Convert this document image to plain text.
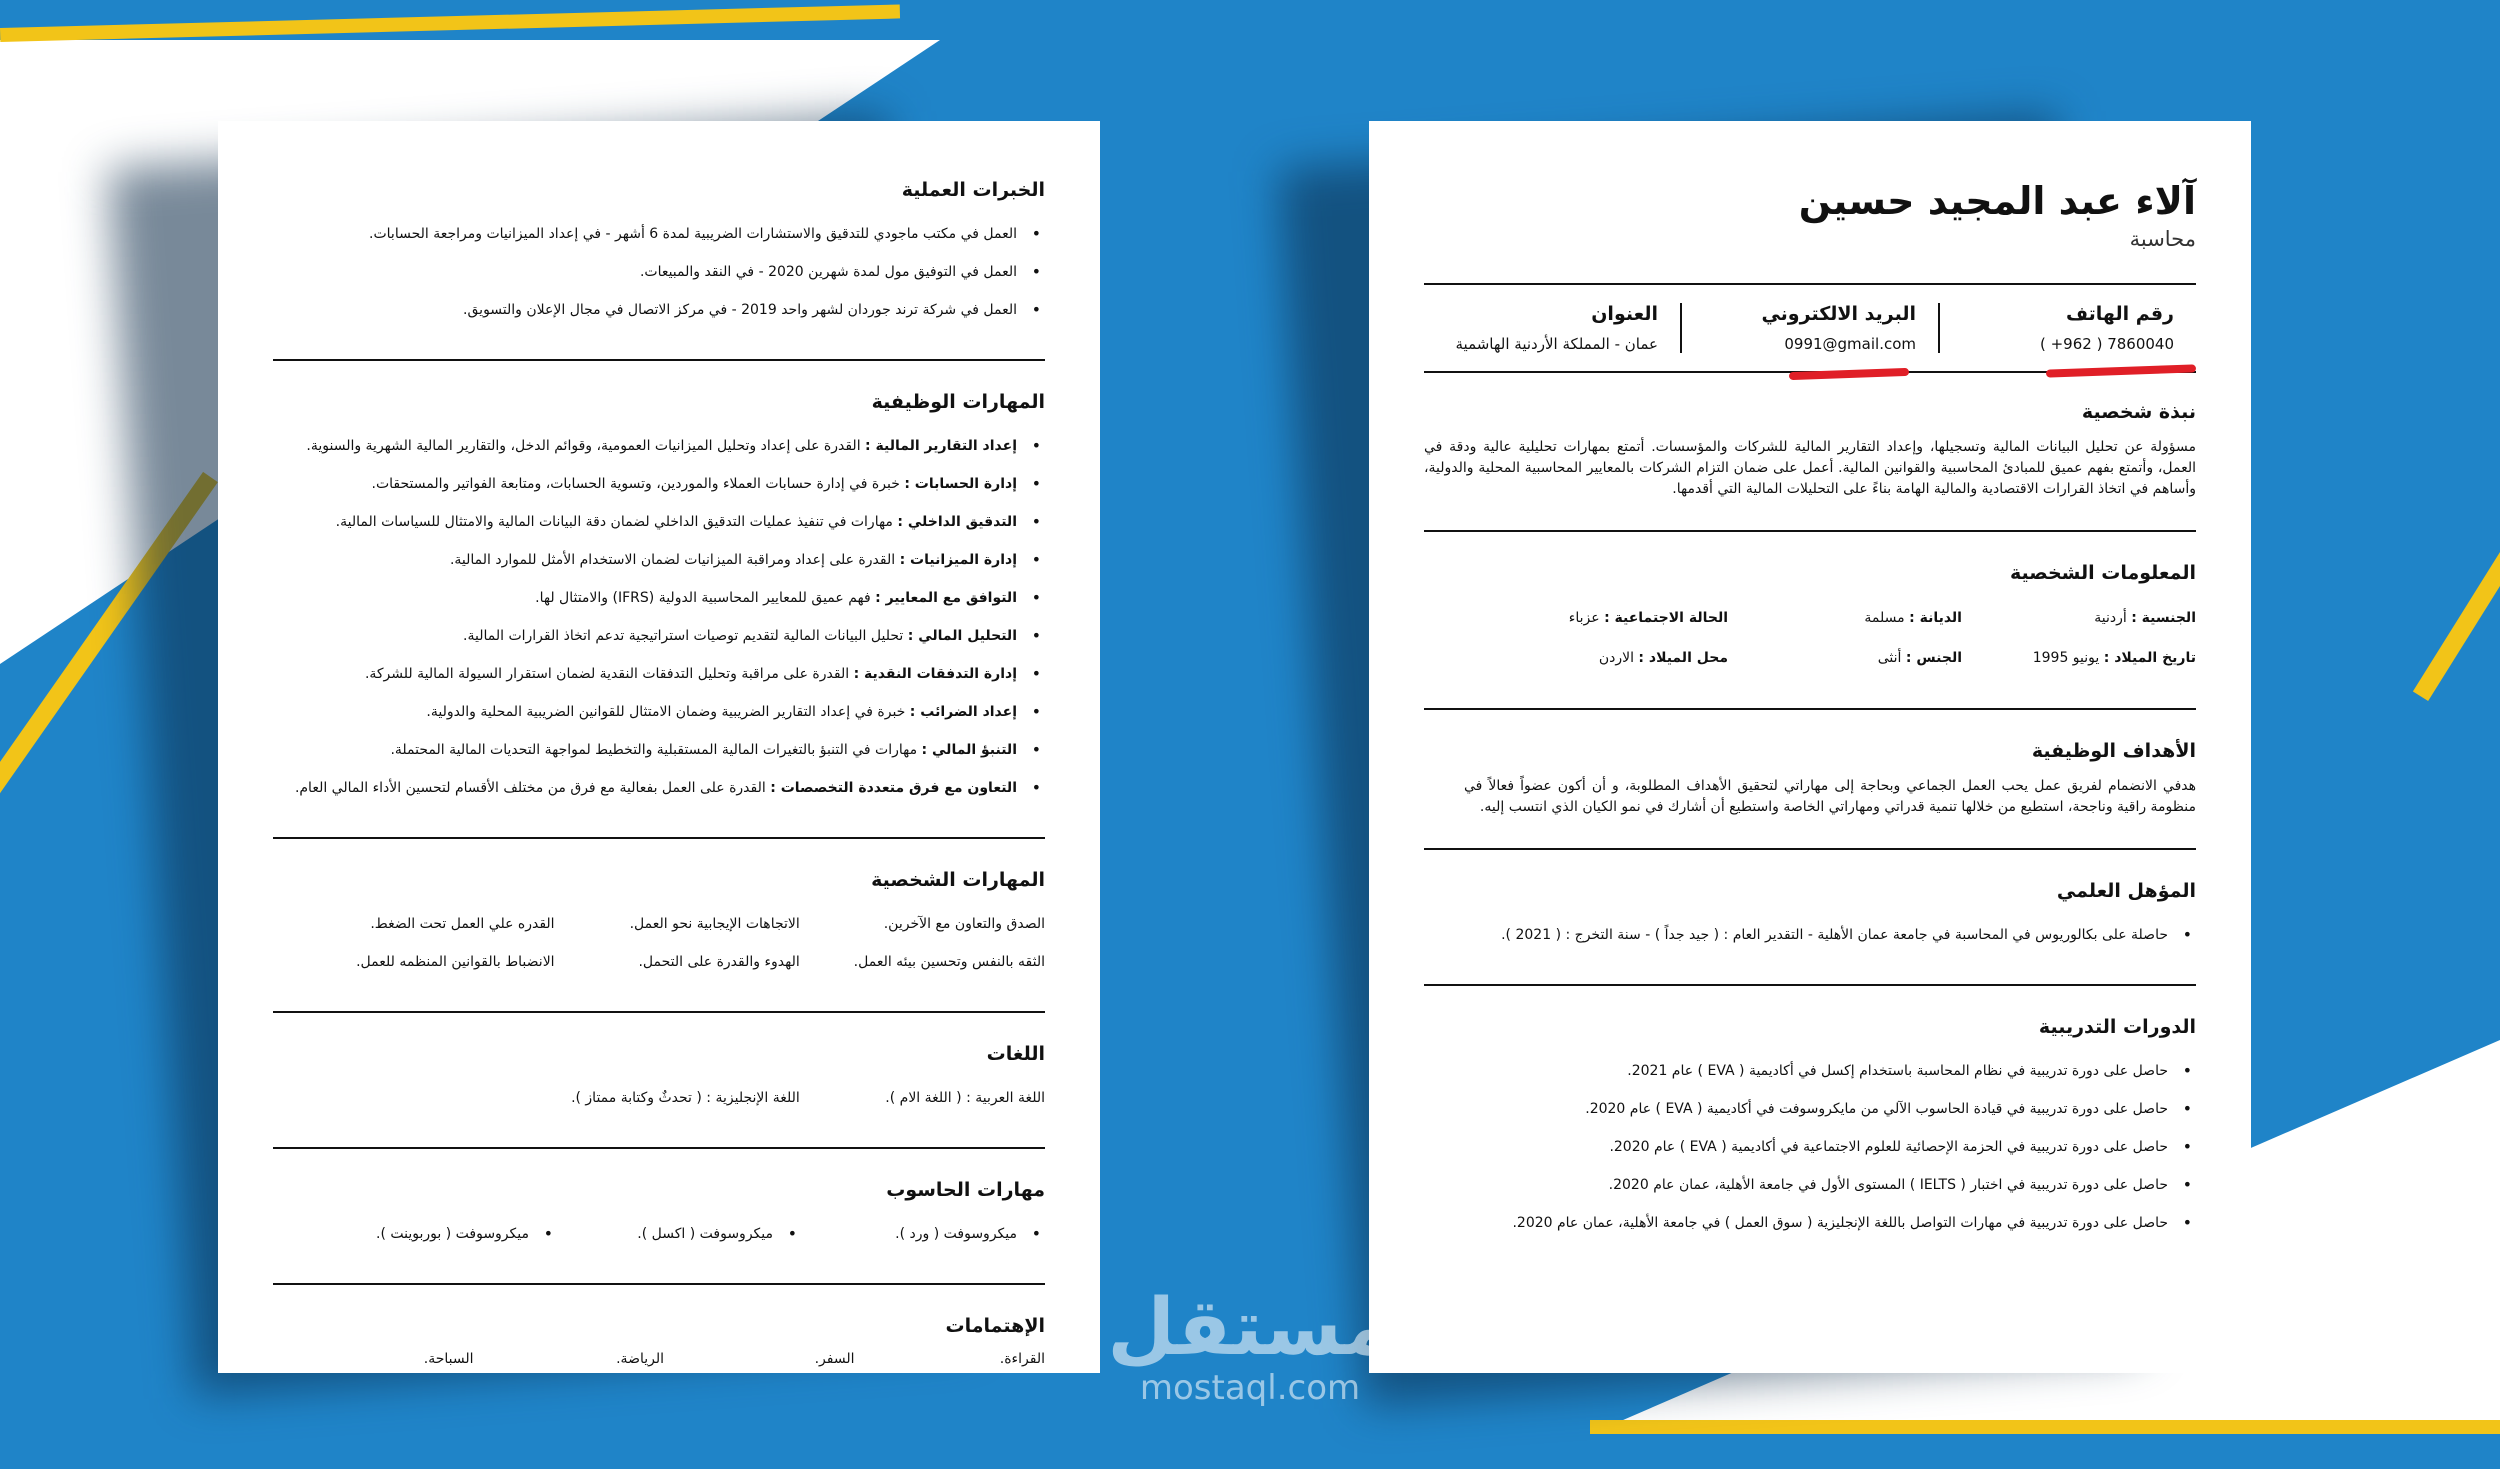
الخبرات العملية
• العمل في مكتب ماجودي للتدقيق والاستشارات الضريبية لمدة 6 أشهر - في إعداد الميزانيات ومراجعة الحسابات.
• العمل في التوفيق مول لمدة شهرين 2020 - في النقد والمبيعات.
• العمل في شركة ترند جوردان لشهر واحد 2019 - في مركز الاتصال في مجال الإعلان والتسويق.
المهارات الوظيفية
• إعداد التقارير المالية : القدرة على إعداد وتحليل الميزانيات العمومية، وقوائم الدخل، والتقارير المالية الشهرية والسنوية.
• إدارة الحسابات : خبرة في إدارة حسابات العملاء والموردين، وتسوية الحسابات، ومتابعة الفواتير والمستحقات.
• التدقيق الداخلي : مهارات في تنفيذ عمليات التدقيق الداخلي لضمان دقة البيانات المالية والامتثال للسياسات المالية.
• إدارة الميزانيات : القدرة على إعداد ومراقبة الميزانيات لضمان الاستخدام الأمثل للموارد المالية.
• التوافق مع المعايير : فهم عميق للمعايير المحاسبية الدولية (IFRS) والامتثال لها.
• التحليل المالي : تحليل البيانات المالية لتقديم توصيات استراتيجية تدعم اتخاذ القرارات المالية.
• إدارة التدفقات النقدية : القدرة على مراقبة وتحليل التدفقات النقدية لضمان استقرار السيولة المالية للشركة.
• إعداد الضرائب : خبرة في إعداد التقارير الضريبية وضمان الامتثال للقوانين الضريبية المحلية والدولية.
• التنبؤ المالي : مهارات في التنبؤ بالتغيرات المالية المستقبلية والتخطيط لمواجهة التحديات المالية المحتملة.
• التعاون مع فرق متعددة التخصصات : القدرة على العمل بفعالية مع فرق من مختلف الأقسام لتحسين الأداء المالي العام.
المهارات الشخصية
الصدق والتعاون مع الآخرين.
الاتجاهات الإيجابية نحو العمل.
القدره علي العمل تحت الضغط.
الثقه بالنفس وتحسين بيئه العمل.
الهدوء والقدرة على التحمل.
الانضباط بالقوانين المنظمه للعمل.
اللغات
اللغة العربية : ( اللغة الام ).
اللغة الإنجليزية : ( تحدثٌ وكتابة ممتاز ).
مهارات الحاسوب
• ميكروسوفت ( ورد ).
• ميكروسوفت ( اكسل ).
• ميكروسوفت ( بوربوينت ).
الإهتمامات
القراءة.
السفر.
الرياضة.
السباحة.
آلاء عبد المجيد حسين
محاسبة
رقم الهاتف
( +962 ) 7860040
البريد الالكتروني
0991@gmail.com
العنوان
عمان - المملكة الأردنية الهاشمية
نبذة شخصية
مسؤولة عن تحليل البيانات المالية وتسجيلها، وإعداد التقارير المالية للشركات والمؤسسات. أتمتع بمهارات تحليلية عالية ودقة في العمل، وأتمتع بفهم عميق للمبادئ المحاسبية والقوانين المالية. أعمل على ضمان التزام الشركات بالمعايير المحاسبية المحلية والدولية، وأساهم في اتخاذ القرارات الاقتصادية والمالية الهامة بناءً على التحليلات المالية التي أقدمها.
المعلومات الشخصية
الجنسية : أردنية
الديانة : مسلمة
الحالة الاجتماعية : عزباء
تاريخ الميلاد : يونيو 1995
الجنس : أنثى
محل الميلاد : الاردن
الأهداف الوظيفية
هدفي الانضمام لفريق عمل يحب العمل الجماعي وبحاجة إلى مهاراتي لتحقيق الأهداف المطلوبة، و أن أكون عضواً فعالاً في منظومة راقية وناجحة، استطيع من خلالها تنمية قدراتي ومهاراتي الخاصة واستطيع أن أشارك في نمو الكيان الذي انتسب إليه.
المؤهل العلمي
• حاصلة على بكالوريوس في المحاسبة في جامعة عمان الأهلية - التقدير العام : ( جيد جداً ) - سنة التخرج : ( 2021 ).
الدورات التدريبية
• حاصل على دورة تدريبية في نظام المحاسبة باستخدام إكسل في أكاديمية ( EVA ) عام 2021.
• حاصل على دورة تدريبية في قيادة الحاسوب الآلي من مايكروسوفت في أكاديمية ( EVA ) عام 2020.
• حاصل على دورة تدريبية في الحزمة الإحصائية للعلوم الاجتماعية في أكاديمية ( EVA ) عام 2020.
• حاصل على دورة تدريبية في اختبار ( IELTS ) المستوى الأول في جامعة الأهلية، عمان عام 2020.
• حاصل على دورة تدريبية في مهارات التواصل باللغة الإنجليزية ( سوق العمل ) في جامعة الأهلية، عمان عام 2020.
مستقل
mostaql.com
